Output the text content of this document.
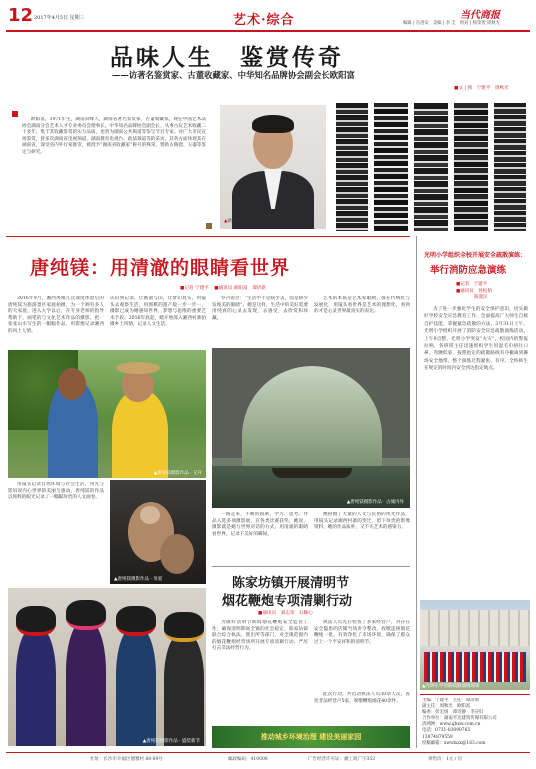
12 2017年4月5日 星期三	艺术·综合	当代商报
编辑 | 冯进安　美编 | 李 圭　校对 | 杨荣贵 周秋光
品味人生　鉴赏传奇
——访著名鉴赏家、古董收藏家、中华知名品牌协会副会长欧阳富
■文 | 图　宁建平　周秋光
欧阳富，1971年生，湖南双峰人，湖南省著名鉴赏家，古董收藏家，现任中国艺术品协会湖南分会艺术人才专业委员会理事长、中华知名品牌协会副会长、从事古玩艺术收藏二十多年，集于其收藏鉴赏的实力品质，也曾为湖南公共频道等鉴宝节目专家。对广大市民宣扬鉴赏，曾多次湖南省电视频道、湖南教育电视台、政法频道等的采访，其各方面体现其在湖南省，深受省内外行家推崇，被授予“湖南省收藏家”称号的殊荣，赞助古陶瓷、玉器等鉴定与研究。
▲欧阳富近影
唐纯镁：用清澈的眼睛看世界
■记者 宁建平 ■通讯员 欧阳富　谭济新
2016年9月，湘西凤凰几次深度体验后的唐纯镁为旅游景区家庭拍摄，为一个拥有多人的大家庭，进入大学以后，在专业老师的指导帮助下，画笔的与文化艺术作品的摄影，把一张张山水写生的一幅幅作品、用影像记录湘西的风土人情。
认识到记录，让画面与山，让梦幻真实，用镜头去观察生活，用围棋的遗产般一步一步一，摄影已成为她感知世界，梦想与思维的重要艺术手段。2016年底起，她开始深入湘西村寨拍摄乡土风情，记录人文生活。
罗丹说过：“生活中不是缺少美，而是缺少发现美的眼睛”。她是这样，生活中的美好需要用纯真的心灵去发现，去感受，去欣赏和珍藏。
艺术的本质是艺术家眼睛，都在传统化与发展化，用镜头看世界是艺术的理想化，看到的才是心灵世界最真实的表达。
▲唐纯镁摄影作品 · 又开
▲唐纯镁摄影作品 · 古城内外
用镜头记录自然环境与社会生活，用光与影诉说内心世界的美丽与感动，唐纯镁的作品以纯粹的眼光记录了一幅幅珍贵的人文画卷。
▲唐纯镁摄影作品 · 母爱
▲唐纯镁摄影作品 · 盛装新节
一路走来，不断的摸索、学习、思考。作品入选多项摄影展，在各类比赛获奖。她说，摄影就是她与世界对话的方式，用清澈的眼睛看世界，记录下美好的瞬间。
她拍摄了大量的人文与民俗的风光作品，用镜头记录湘西村寨的变迁，留下珍贵的影像资料，她的作品质朴，又不失艺术的感染力。
陈家坊镇开展清明节
烟花鞭炮专项清剿行动
■通讯员　刘志荣　石顺心
为做好清明节期间烟花鞭炮安全监管工作，确保清明期间全镇的社会稳定。陈家坊镇联合综合执法、派出所等部门，对全镇范围内的烟花鞭炮经营场所开展专项清剿行动，严厉打击非法经营行为。
执法人员先后检查了多家经营户，对存在安全隐患的店铺当场责令整改，收缴违规烟花鞭炮一批，有效净化了市场环境，确保了群众过上一个平安祥和的清明节。
此次行动，共出动执法人员30余人次，查处非法经营户5家，收缴鞭炮烟花40余件。
推动城乡环境治理 建设美丽家园
光明小学组织全校开展安全疏散演练：
举行消防应急演练
■记者　宁建平
■通讯员　曾松柏
　　　　陈澄民
为了进一步强化学生的安全保护意识，切实做好学校安全应急教育工作，全面提高广大师生自救自护技能，掌握紧急疏散的方法，3月31日上午，光明小学组织开展了消防安全应急疏散演练活动。上午9点整，光明小学突发“火灾”，校园内的警报拉响，各班班主任迅速组织学生用湿毛巾捂住口鼻，弯腰低姿，按照指定的疏散路线有序撤离到操场安全地带。整个演练过程紧张、有序，全校师生在规定的时间内安全到达指定地点。
▲光明小学消防疏散演练现场
主编：宁建平　主任：谭济新
副主任：周秋光　欧阳富
编委：彭宏扬　谭诗静　李应归
合作单位：湖南平达建筑传媒有限公司
清网网：www.qbxw.com.cn
电话：0731-83090765
13874879559
投稿邮箱：xwtdxzx@163.com
社址：长沙市开福区德雅村 88-89号	邮政编码：410008	广告经营许可证：湘工商广字353	零售价：1元 / 份
